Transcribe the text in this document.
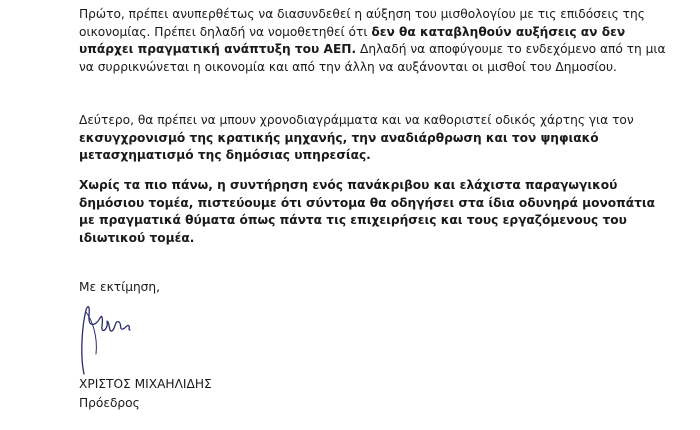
Πρώτο, πρέπει ανυπερθέτως να διασυνδεθεί η αύξηση του μισθολογίου με τις επιδόσεις της οικονομίας. Πρέπει δηλαδή να νομοθετηθεί ότι δεν θα καταβληθούν αυξήσεις αν δεν υπάρχει πραγματική ανάπτυξη του ΑΕΠ. Δηλαδή να αποφύγουμε το ενδεχόμενο από τη μια να συρρικνώνεται η οικονομία και από την άλλη να αυξάνονται οι μισθοί του Δημοσίου.

Δεύτερο, θα πρέπει να μπουν χρονοδιαγράμματα και να καθοριστεί οδικός χάρτης για τον εκσυγχρονισμό της κρατικής μηχανής, την αναδιάρθρωση και τον ψηφιακό μετασχηματισμό της δημόσιας υπηρεσίας.

Χωρίς τα πιο πάνω, η συντήρηση ενός πανάκριβου και ελάχιστα παραγωγικού δημόσιου τομέα, πιστεύουμε ότι σύντομα θα οδηγήσει στα ίδια οδυνηρά μονοπάτια με πραγματικά θύματα όπως πάντα τις επιχειρήσεις και τους εργαζόμενους του ιδιωτικού τομέα.

Με εκτίμηση,
ΧΡΙΣΤΟΣ ΜΙΧΑΗΛΙΔΗΣ
Πρόεδρος
